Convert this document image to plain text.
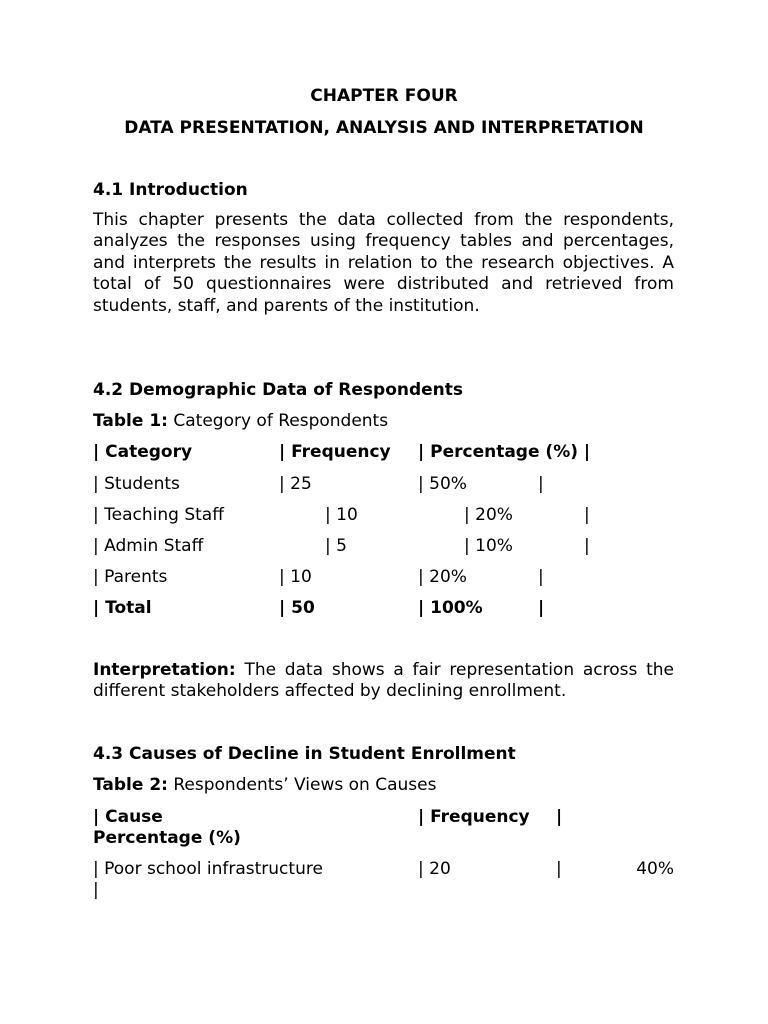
CHAPTER FOUR
DATA PRESENTATION, ANALYSIS AND INTERPRETATION
4.1 Introduction
This chapter presents the data collected from the respondents, analyzes the responses using frequency tables and percentages, and interprets the results in relation to the research objectives. A total of 50 questionnaires were distributed and retrieved from students, staff, and parents of the institution.
4.2 Demographic Data of Respondents
Table 1: Category of Respondents
| Category	| Frequency | Percentage (%) |
| Students	| 25	| 50%	|
| Teaching Staff	| 10	| 20%	|
| Admin Staff	| 5	| 10%	|
| Parents	| 10	| 20%	|
| Total	| 50	| 100%	|
Interpretation: The data shows a fair representation across the different stakeholders affected by declining enrollment.
4.3 Causes of Decline in Student Enrollment
Table 2: Respondents’ Views on Causes
| Cause	| Frequency |
Percentage (%)
| Poor school infrastructure	| 20	|	40%
|
